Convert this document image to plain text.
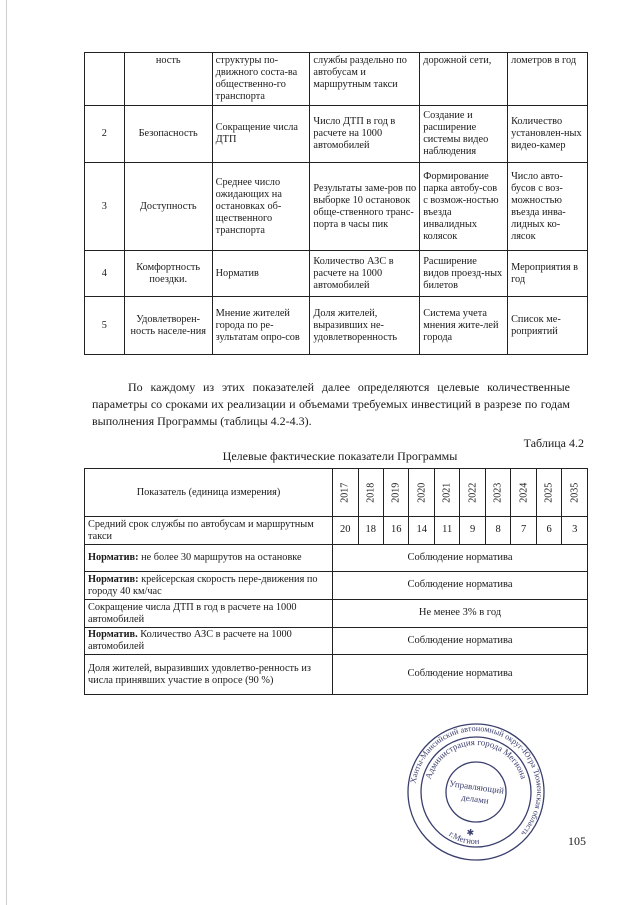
	ность	структуры по-движного соста-ва общественно-го транспорта	службы раздельно по автобусам и маршрутным такси	дорожной сети,	лометров в год
2	Безопасность	Сокращение числа ДТП	Число ДТП в год в расчете на 1000 автомобилей	Создание и расширение системы видео наблюдения	Количество установлен-ных видео-камер
3	Доступность	Среднее число ожидающих на остановках об-щественного транспорта	Результаты заме-ров по выборке 10 остановок обще-ственного транс-порта в часы пик	Формирование парка автобу-сов с возмож-ностью въезда инвалидных колясок	Число авто-бусов с воз-можностью въезда инва-лидных ко-лясок
4	Комфортность поездки.	Норматив	Количество АЗС в расчете на 1000 автомобилей	Расширение видов проезд-ных билетов	Мероприятия в год
5	Удовлетворен-ность населе-ния	Мнение жителей города по ре-зультатам опро-сов	Доля жителей, выразивших не-удовлетворенность	Система учета мнения жите-лей города	Список ме-роприятий
По каждому из этих показателей далее определяются целевые количественные параметры со сроками их реализации и объемами требуемых инвестиций в разрезе по годам выполнения Программы (таблицы 4.2-4.3).
Таблица 4.2
Целевые фактические показатели Программы
Показатель (единица измерения)	2017	2018	2019	2020	2021	2022	2023	2024	2025	2035
Средний срок службы по автобусам и маршрутным такси	20	18	16	14	11	9	8	7	6	3
Норматив: не более 30 маршрутов на остановке	Соблюдение норматива									
Норматив: крейсерская скорость пере-движения по городу 40 км/час	Соблюдение норматива									
Сокращение числа ДТП в год в расчете на 1000 автомобилей	Не менее 3% в год									
Норматив. Количество АЗС в расчете на 1000 автомобилей	Соблюдение норматива									
Доля жителей, выразивших удовлетво-ренность из числа принявших участие в опросе (90 %)	Соблюдение норматива									
Ханты-Мансийский автономный округ-Югра Тюменская область
Администрация города Мегиона
г.Мегион
Управляющий
делами
✱
105
